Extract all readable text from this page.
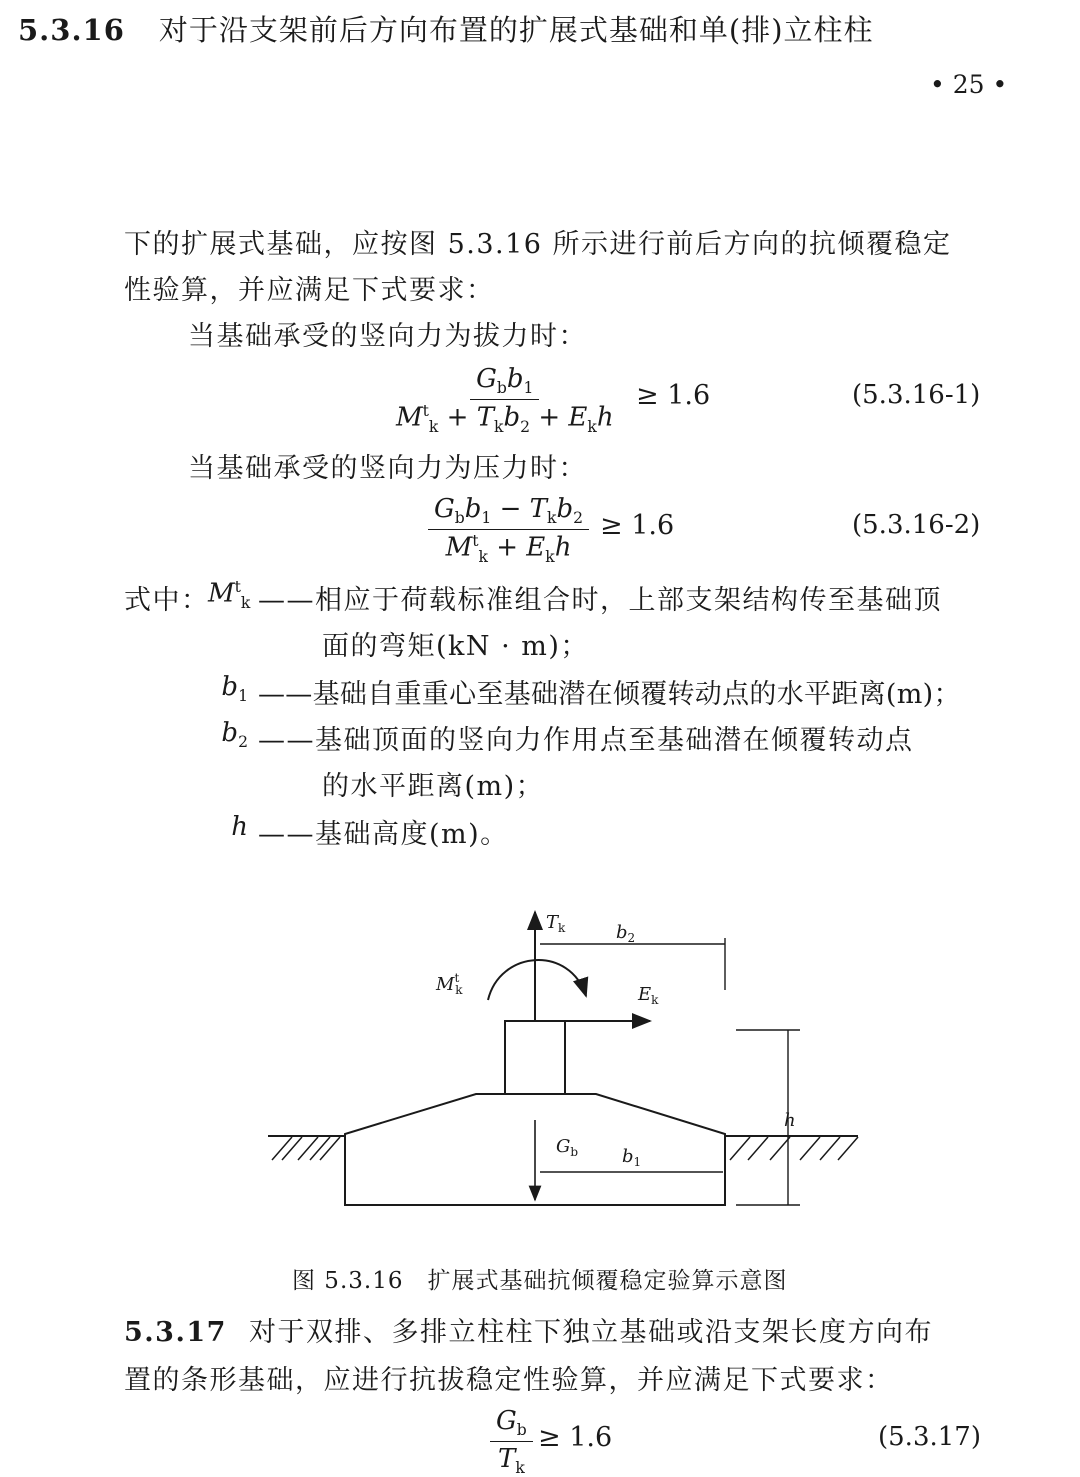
5.3.16 对于沿支架前后方向布置的扩展式基础和单(排)立柱柱
• 25 •
下的扩展式基础，应按图 5.3.16 所示进行前后方向的抗倾覆稳定
性验算，并应满足下式要求：
当基础承受的竖向力为拔力时：
$G_bb_1$
$M^t_k + T_kb_2 + E_kh$
≥ 1.6	(5.3.16-1)
当基础承受的竖向力为压力时：
$G_bb_1 - T_kb_2$
$M^t_k + E_kh$
≥ 1.6	(5.3.16-2)
式中：
$M^t_k$ ——相应于荷载标准组合时，上部支架结构传至基础顶
面的弯矩(kN · m)；
$b_1$ ——基础自重重心至基础潜在倾覆转动点的水平距离(m)；
$b_2$ ——基础顶面的竖向力作用点至基础潜在倾覆转动点
的水平距离(m)；
h ——基础高度(m)。
$T_k$	$b_2$
$M^t$ k	$E_k$
h
$G_b$ $b_1$
图 5.3.16　扩展式基础抗倾覆稳定验算示意图
5.3.17 对于双排、多排立柱柱下独立基础或沿支架长度方向布
置的条形基础，应进行抗拔稳定性验算，并应满足下式要求：
$\frac{G_b}{T_k} \ge 1.6$	(5.3.17)
